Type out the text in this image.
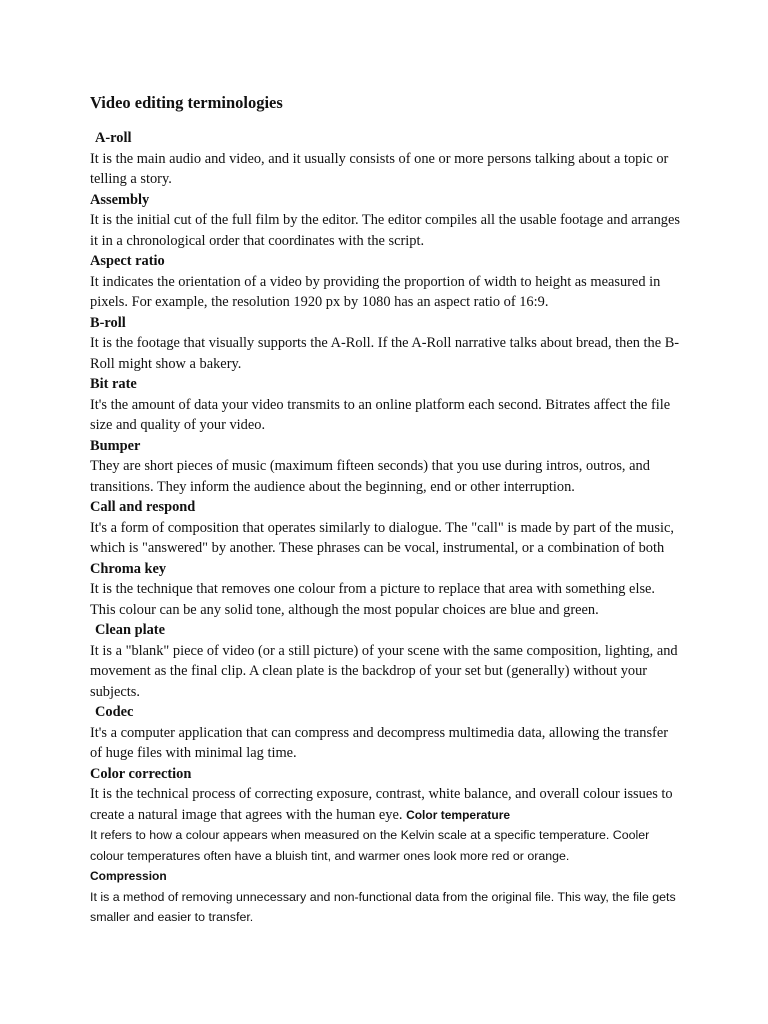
Video editing terminologies

A-roll

It is the main audio and video, and it usually consists of one or more persons talking about a topic or telling a story.

Assembly

It is the initial cut of the full film by the editor. The editor compiles all the usable footage and arranges it in a chronological order that coordinates with the script.

Aspect ratio

It indicates the orientation of a video by providing the proportion of width to height as measured in pixels. For example, the resolution 1920 px by 1080 has an aspect ratio of 16:9.

B-roll

It is the footage that visually supports the A-Roll. If the A-Roll narrative talks about bread, then the B-Roll might show a bakery.

Bit rate

It's the amount of data your video transmits to an online platform each second. Bitrates affect the file size and quality of your video.

Bumper

They are short pieces of music (maximum fifteen seconds) that you use during intros, outros, and transitions. They inform the audience about the beginning, end or other interruption.

Call and respond

It's a form of composition that operates similarly to dialogue. The "call" is made by part of the music, which is "answered" by another. These phrases can be vocal, instrumental, or a combination of both Chroma key

It is the technique that removes one colour from a picture to replace that area with something else. This colour can be any solid tone, although the most popular choices are blue and green.

Clean plate

It is a "blank" piece of video (or a still picture) of your scene with the same composition, lighting, and movement as the final clip. A clean plate is the backdrop of your set but (generally) without your subjects.

Codec

It's a computer application that can compress and decompress multimedia data, allowing the transfer of huge files with minimal lag time.

Color correction

It is the technical process of correcting exposure, contrast, white balance, and overall colour issues to create a natural image that agrees with the human eye. Color temperature

It refers to how a colour appears when measured on the Kelvin scale at a specific temperature. Cooler colour temperatures often have a bluish tint, and warmer ones look more red or orange.

Compression

It is a method of removing unnecessary and non-functional data from the original file. This way, the file gets smaller and easier to transfer.
